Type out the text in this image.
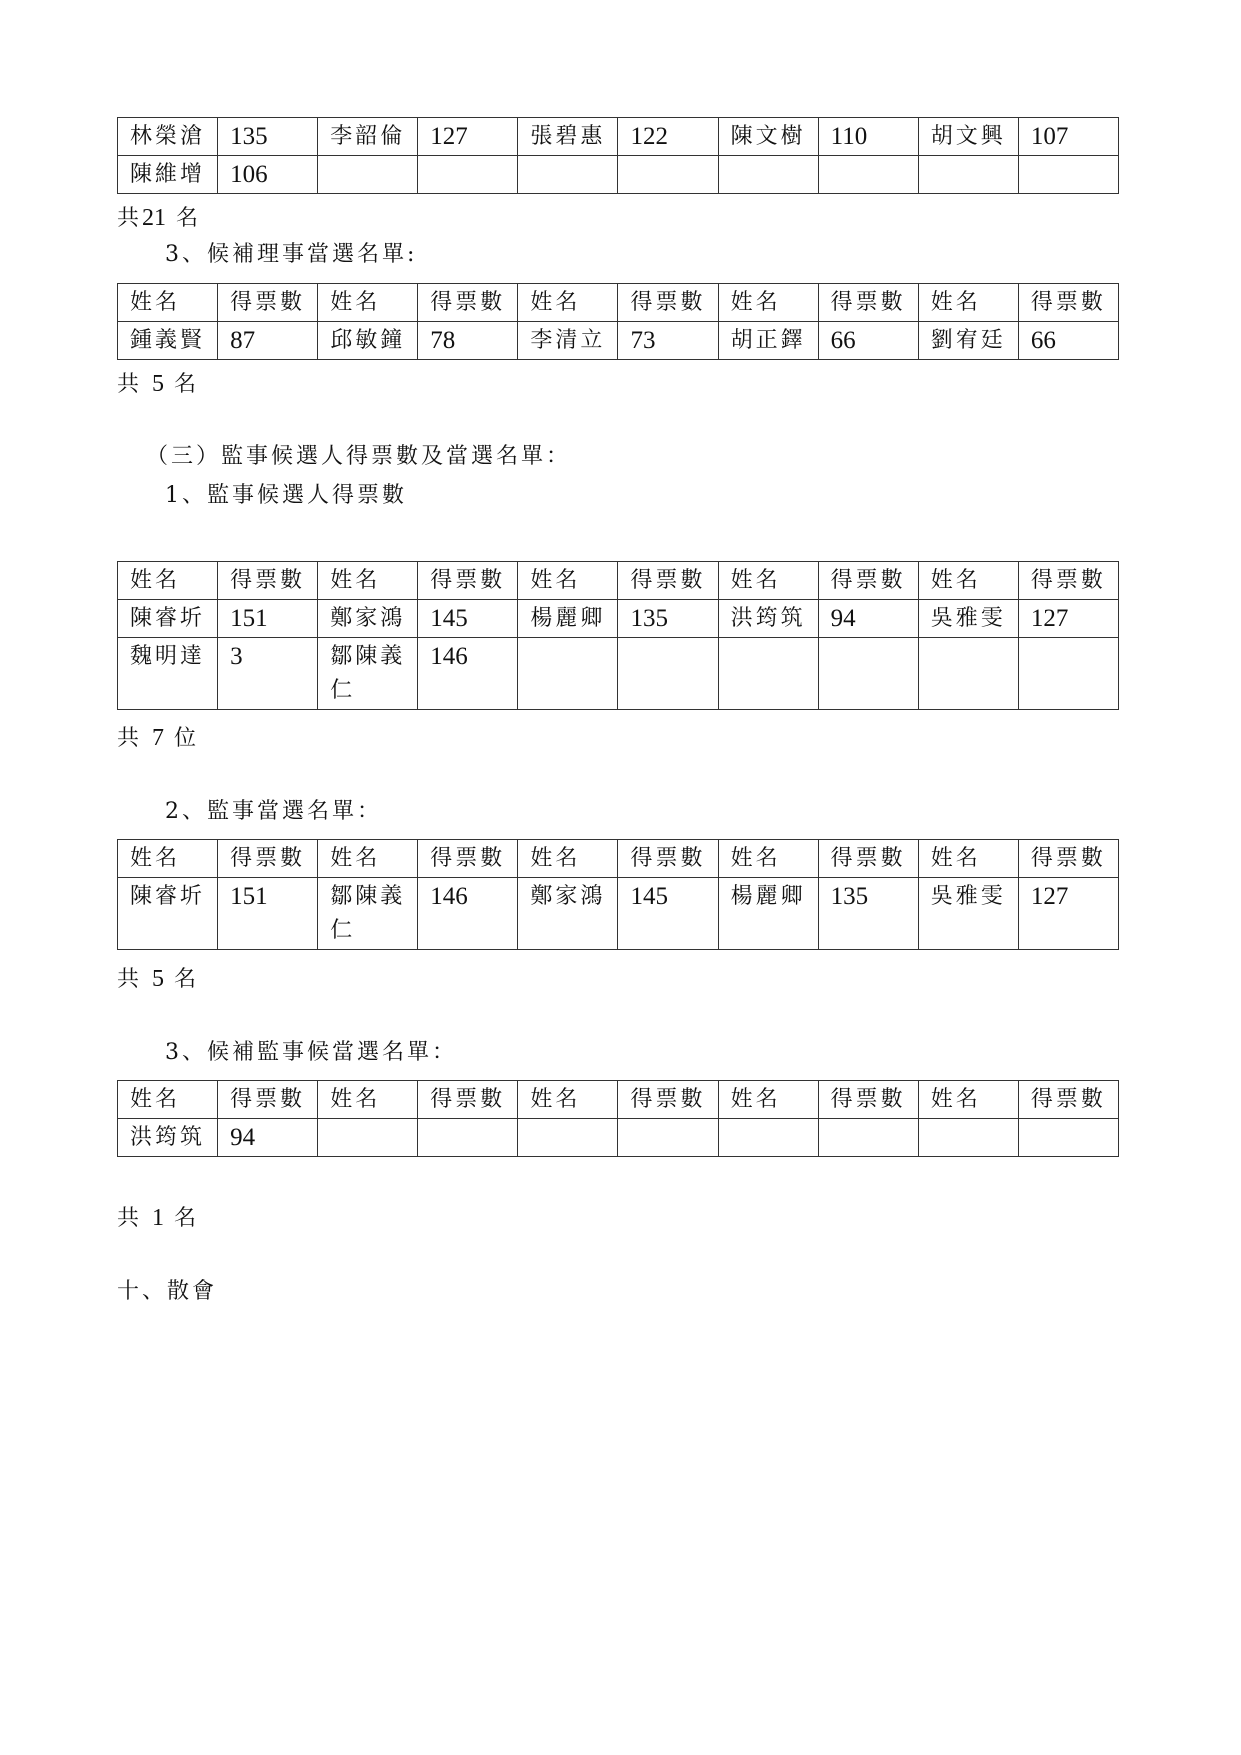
林榮滄	135	李韶倫	127	張碧惠	122	陳文樹	110	胡文興	107
陳維增	106								
共21 名
3、候補理事當選名單:
姓名	得票數	姓名	得票數	姓名	得票數	姓名	得票數	姓名	得票數
鍾義賢	87	邱敏鐘	78	李清立	73	胡正鐸	66	劉宥廷	66
共 5 名
（三）監事候選人得票數及當選名單：
1、監事候選人得票數
姓名	得票數	姓名	得票數	姓名	得票數	姓名	得票數	姓名	得票數
陳睿圻	151	鄭家鴻	145	楊麗卿	135	洪筠筑	94	吳雅雯	127
魏明達	3	鄒陳義仁	146						
共 7 位
2、監事當選名單：
姓名	得票數	姓名	得票數	姓名	得票數	姓名	得票數	姓名	得票數
陳睿圻	151	鄒陳義仁	146	鄭家鴻	145	楊麗卿	135	吳雅雯	127
共 5 名
3、候補監事候當選名單：
姓名	得票數	姓名	得票數	姓名	得票數	姓名	得票數	姓名	得票數
洪筠筑	94								
共 1 名
十、散會
